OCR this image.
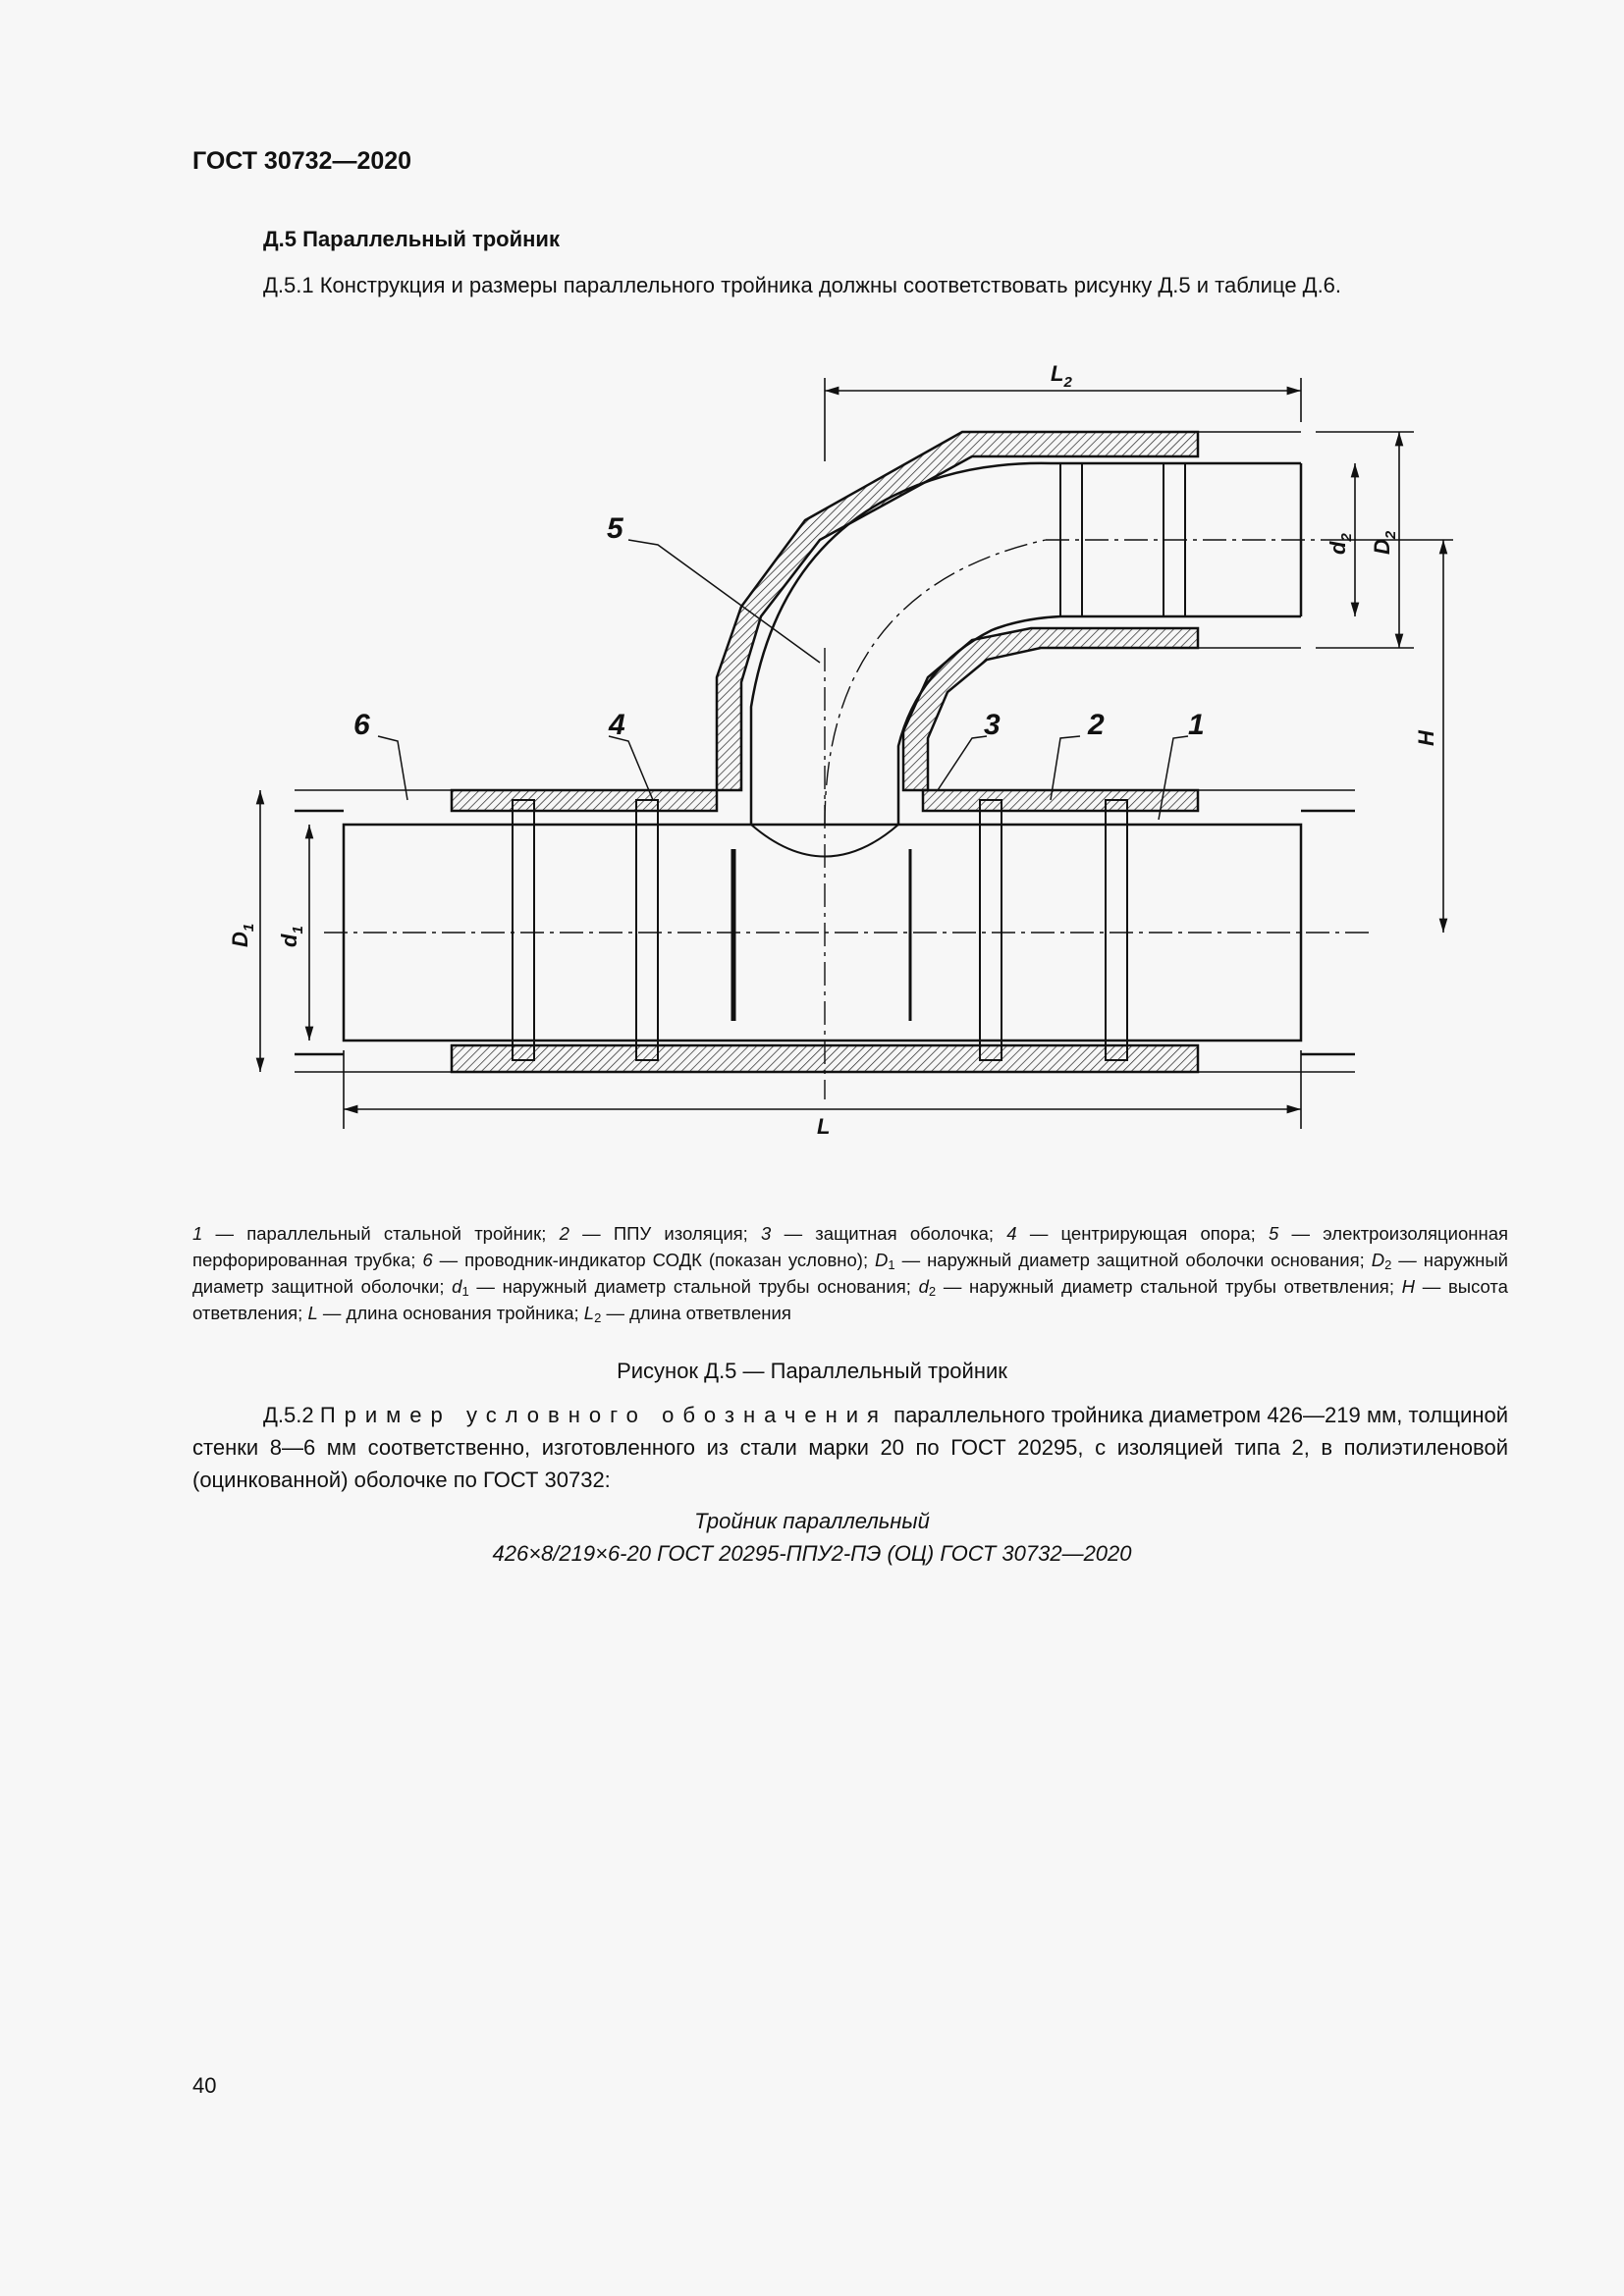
ГОСТ 30732—2020
Д.5 Параллельный тройник
Д.5.1 Конструкция и размеры параллельного тройника должны соответствовать рисунку Д.5 и таблице Д.6.
5
6	4	3	2	1
L
$L_2$
$D_1$
$d_1$
$D_2$
$d_2$
H
1 — параллельный стальной тройник; 2 — ППУ изоляция; 3 — защитная оболочка; 4 — центрирующая опора; 5 — электроизоляционная перфорированная трубка; 6 — проводник-индикатор СОДК (показан условно); $D_1$ — наружный диаметр защитной оболочки основания; $D_2$ — наружный диаметр защитной оболочки; $d_1$ — наружный диаметр стальной трубы основания; $d_2$ — наружный диаметр стальной трубы ответвления; H — высота ответвления; L — длина основания тройника; $L_2$ — длина ответвления
Рисунок Д.5 — Параллельный тройник
Д.5.2 Пример условного обозначения параллельного тройника диаметром 426—219 мм, толщиной стенки 8—6 мм соответственно, изготовленного из стали марки 20 по ГОСТ 20295, с изоляцией типа 2, в полиэтиленовой (оцинкованной) оболочке по ГОСТ 30732:
Тройник параллельный
426×8/219×6-20 ГОСТ 20295-ППУ2-ПЭ (ОЦ) ГОСТ 30732—2020
40
